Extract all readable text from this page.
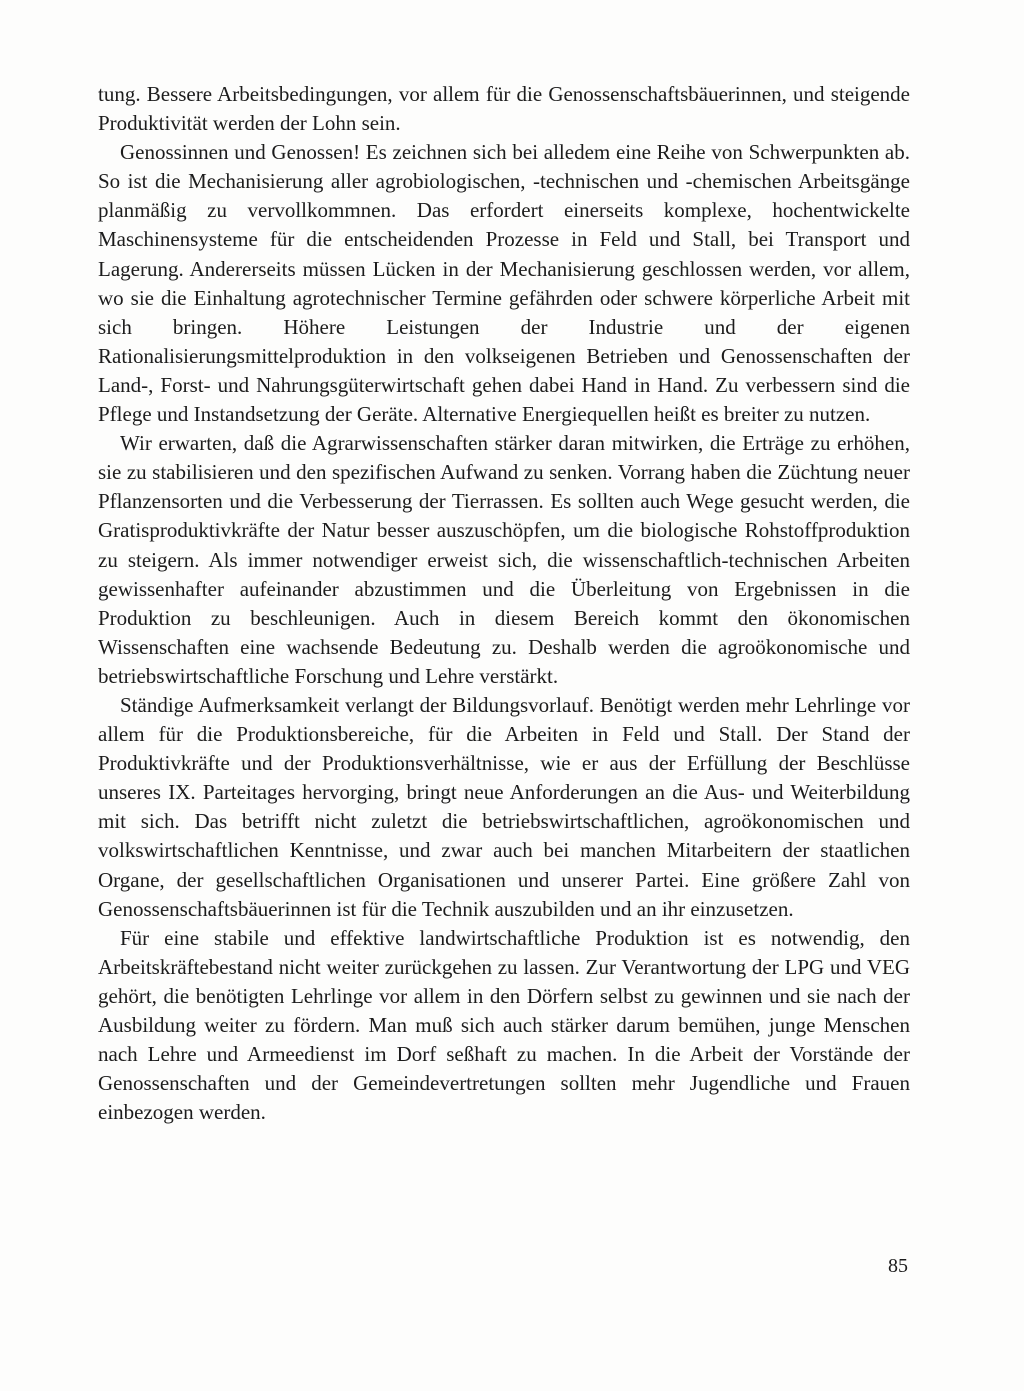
tung. Bessere Arbeitsbedingungen, vor allem für die Genossenschaftsbäuerinnen, und steigende Produktivität werden der Lohn sein.

Genossinnen und Genossen! Es zeichnen sich bei alledem eine Reihe von Schwerpunkten ab. So ist die Mechanisierung aller agrobiologischen, -technischen und -chemischen Arbeitsgänge planmäßig zu vervollkommnen. Das erfordert einerseits komplexe, hochentwickelte Maschinensysteme für die entscheidenden Prozesse in Feld und Stall, bei Transport und Lagerung. Andererseits müssen Lücken in der Mechanisierung geschlossen werden, vor allem, wo sie die Einhaltung agrotechnischer Termine gefährden oder schwere körperliche Arbeit mit sich bringen. Höhere Leistungen der Industrie und der eigenen Rationalisierungsmittelproduktion in den volkseigenen Betrieben und Genossenschaften der Land-, Forst- und Nahrungsgüterwirtschaft gehen dabei Hand in Hand. Zu verbessern sind die Pflege und Instandsetzung der Geräte. Alternative Energiequellen heißt es breiter zu nutzen.

Wir erwarten, daß die Agrarwissenschaften stärker daran mitwirken, die Erträge zu erhöhen, sie zu stabilisieren und den spezifischen Aufwand zu senken. Vorrang haben die Züchtung neuer Pflanzensorten und die Verbesserung der Tierrassen. Es sollten auch Wege gesucht werden, die Gratisproduktivkräfte der Natur besser auszuschöpfen, um die biologische Rohstoffproduktion zu steigern. Als immer notwendiger erweist sich, die wissenschaftlich-technischen Arbeiten gewissenhafter aufeinander abzustimmen und die Überleitung von Ergebnissen in die Produktion zu beschleunigen. Auch in diesem Bereich kommt den ökonomischen Wissenschaften eine wachsende Bedeutung zu. Deshalb werden die agroökonomische und betriebswirtschaftliche Forschung und Lehre verstärkt.

Ständige Aufmerksamkeit verlangt der Bildungsvorlauf. Benötigt werden mehr Lehrlinge vor allem für die Produktionsbereiche, für die Arbeiten in Feld und Stall. Der Stand der Produktivkräfte und der Produktionsverhältnisse, wie er aus der Erfüllung der Beschlüsse unseres IX. Parteitages hervorging, bringt neue Anforderungen an die Aus- und Weiterbildung mit sich. Das betrifft nicht zuletzt die betriebswirtschaftlichen, agroökonomischen und volkswirtschaftlichen Kenntnisse, und zwar auch bei manchen Mitarbeitern der staatlichen Organe, der gesellschaftlichen Organisationen und unserer Partei. Eine größere Zahl von Genossenschaftsbäuerinnen ist für die Technik auszubilden und an ihr einzusetzen.

Für eine stabile und effektive landwirtschaftliche Produktion ist es notwendig, den Arbeitskräftebestand nicht weiter zurückgehen zu lassen. Zur Verantwortung der LPG und VEG gehört, die benötigten Lehrlinge vor allem in den Dörfern selbst zu gewinnen und sie nach der Ausbildung weiter zu fördern. Man muß sich auch stärker darum bemühen, junge Menschen nach Lehre und Armeedienst im Dorf seßhaft zu machen. In die Arbeit der Vorstände der Genossenschaften und der Gemeindevertretungen sollten mehr Jugendliche und Frauen einbezogen werden.

85
